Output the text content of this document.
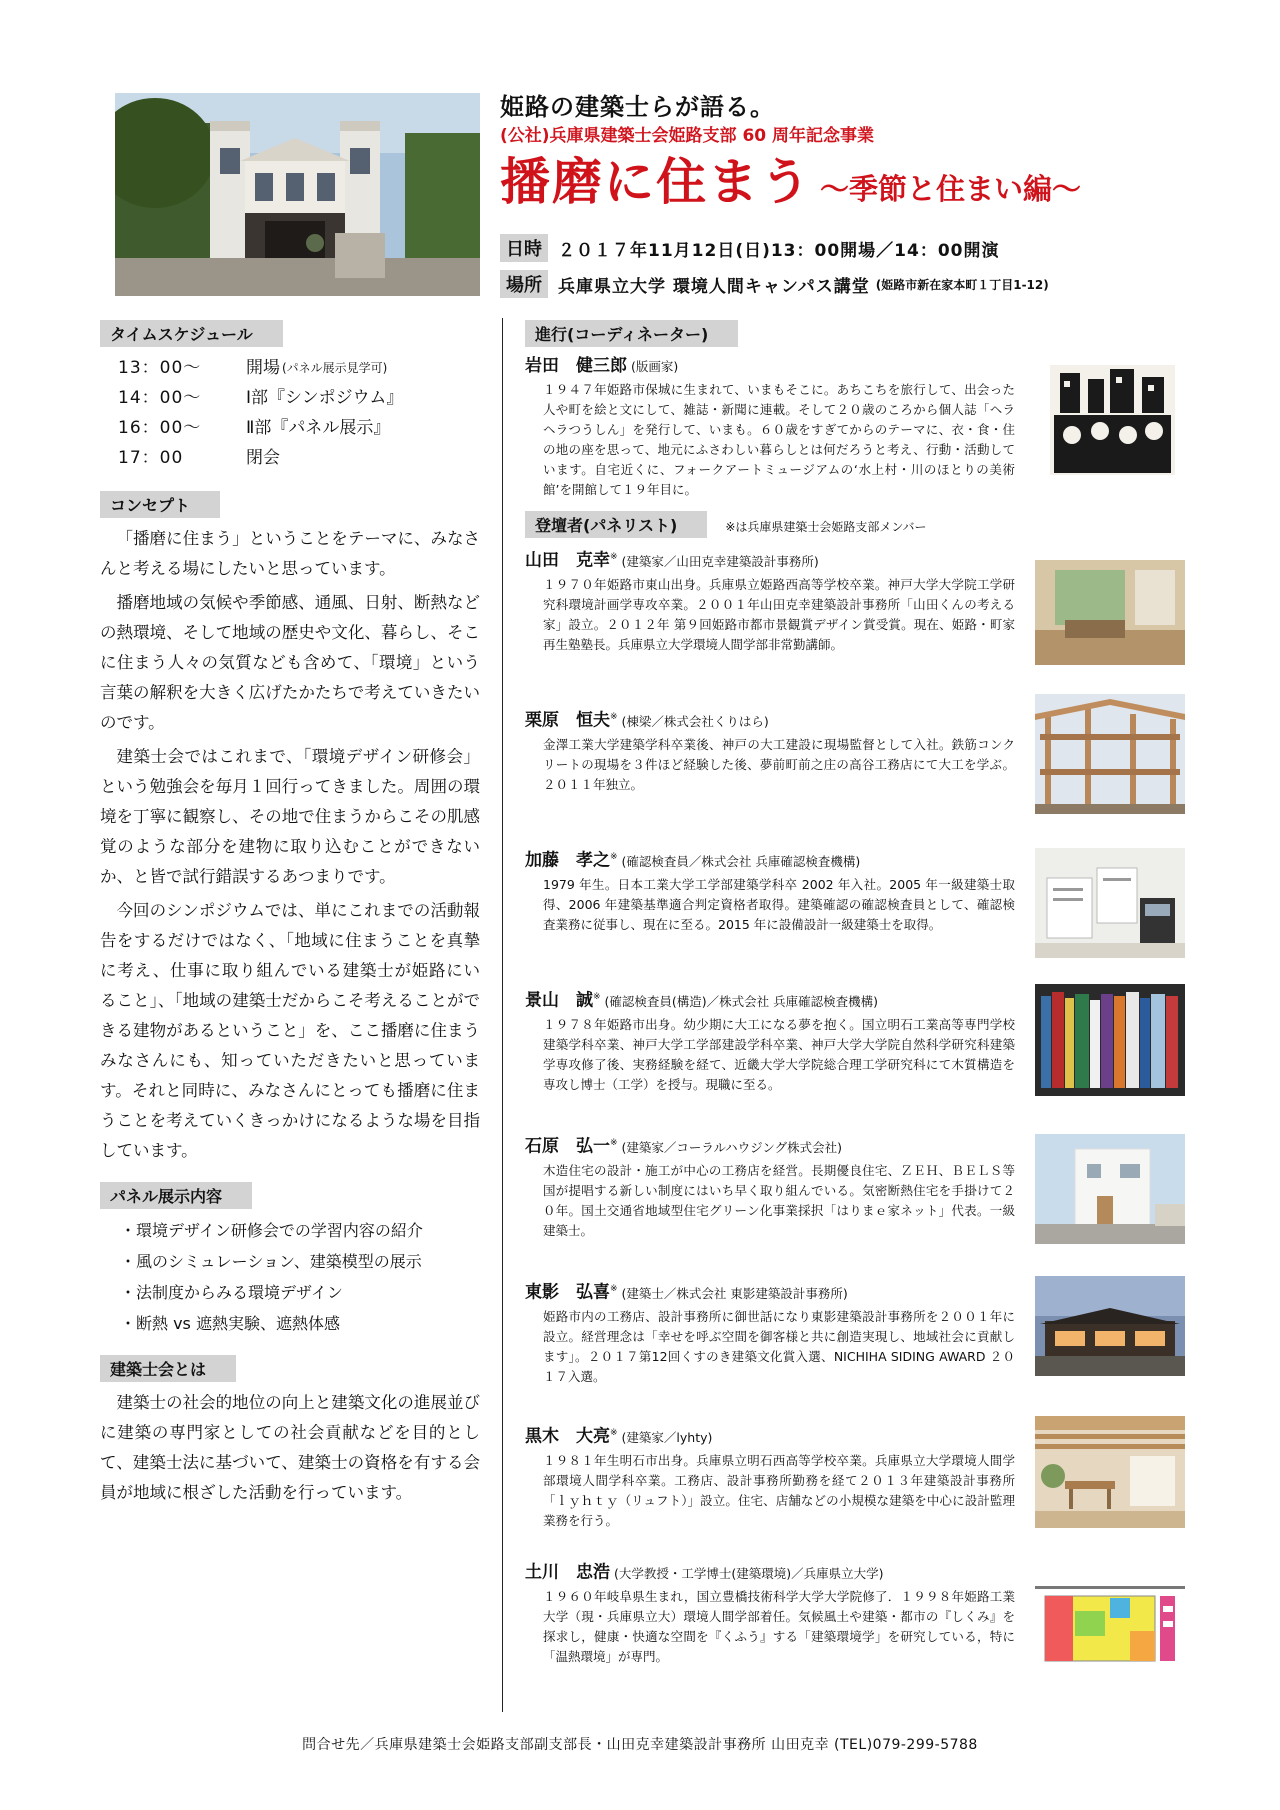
姫路の建築士らが語る。
(公社)兵庫県建築士会姫路支部 60 周年記念事業
播磨に住まう 〜季節と住まい編〜
日時 ２０１７年11月12日(日)13：00開場／14：00開演
場所 兵庫県立大学 環境人間キャンパス講堂 (姫路市新在家本町１丁目1-12)
タイムスケジュール
13：00〜	開場 (パネル展示見学可)
14：00〜	Ⅰ部『シンポジウム』
16：00〜	Ⅱ部『パネル展示』
17：00	閉会
コンセプト

「播磨に住まう」ということをテーマに、みなさんと考える場にしたいと思っています。

播磨地域の気候や季節感、通風、日射、断熱などの熱環境、そして地域の歴史や文化、暮らし、そこに住まう人々の気質なども含めて、「環境」という言葉の解釈を大きく広げたかたちで考えていきたいのです。

建築士会ではこれまで、「環境デザイン研修会」という勉強会を毎月１回行ってきました。周囲の環境を丁寧に観察し、その地で住まうからこその肌感覚のような部分を建物に取り込むことができないか、と皆で試行錯誤するあつまりです。

今回のシンポジウムでは、単にこれまでの活動報告をするだけではなく、「地域に住まうことを真摯に考え、仕事に取り組んでいる建築士が姫路にいること」、「地域の建築士だからこそ考えることができる建物があるということ」を、ここ播磨に住まうみなさんにも、知っていただきたいと思っています。それと同時に、みなさんにとっても播磨に住まうことを考えていくきっかけになるような場を目指しています。

パネル展示内容
・環境デザイン研修会での学習内容の紹介
・風のシミュレーション、建築模型の展示
・法制度からみる環境デザイン
・断熱 vs 遮熱実験、遮熱体感
建築士会とは

建築士の社会的地位の向上と建築文化の進展並びに建築の専門家としての社会貢献などを目的として、建築士法に基づいて、建築士の資格を有する会員が地域に根ざした活動を行っています。

進行(コーディネーター)
岩田　健三郎 (版画家)
１９４７年姫路市保城に生まれて、いまもそこに。あちこちを旅行して、出会った人や町を絵と文にして、雑誌・新聞に連載。そして２０歳のころから個人誌「ヘラヘラつうしん」を発行して、いまも。６０歳をすぎてからのテーマに、衣・食・住の地の座を思って、地元にふさわしい暮らしとは何だろうと考え、行動・活動しています。自宅近くに、フォークアートミュージアムの‘水上村・川のほとりの美術館’を開館して１９年目に。
登壇者(パネリスト)	※は兵庫県建築士会姫路支部メンバー
山田　克幸※ (建築家／山田克幸建築設計事務所)
１９７０年姫路市東山出身。兵庫県立姫路西高等学校卒業。神戸大学大学院工学研究科環境計画学専攻卒業。２００１年山田克幸建築設計事務所「山田くんの考える家」設立。２０１２年 第９回姫路市都市景観賞デザイン賞受賞。現在、姫路・町家再生塾塾長。兵庫県立大学環境人間学部非常勤講師。
栗原　恒夫※ (棟梁／株式会社くりはら)
金澤工業大学建築学科卒業後、神戸の大工建設に現場監督として入社。鉄筋コンクリートの現場を３件ほど経験した後、夢前町前之庄の高谷工務店にて大工を学ぶ。２０１１年独立。
加藤　孝之※ (確認検査員／株式会社 兵庫確認検査機構)
1979 年生。日本工業大学工学部建築学科卒 2002 年入社。2005 年一級建築士取得、2006 年建築基準適合判定資格者取得。建築確認の確認検査員として、確認検査業務に従事し、現在に至る。2015 年に設備設計一級建築士を取得。
景山　誠※ (確認検査員(構造)／株式会社 兵庫確認検査機構)
１９７８年姫路市出身。幼少期に大工になる夢を抱く。国立明石工業高等専門学校建築学科卒業、神戸大学工学部建設学科卒業、神戸大学大学院自然科学研究科建築学専攻修了後、実務経験を経て、近畿大学大学院総合理工学研究科にて木質構造を専攻し博士（工学）を授与。現職に至る。
石原　弘一※ (建築家／コーラルハウジング株式会社)
木造住宅の設計・施工が中心の工務店を経営。長期優良住宅、ＺＥＨ、ＢＥＬＳ等国が提唱する新しい制度にはいち早く取り組んでいる。気密断熱住宅を手掛けて２０年。国土交通省地域型住宅グリーン化事業採択「はりまｅ家ネット」代表。一級建築士。
東影　弘喜※ (建築士／株式会社 東影建築設計事務所)
姫路市内の工務店、設計事務所に御世話になり東影建築設計事務所を２００１年に設立。経営理念は「幸せを呼ぶ空間を御客様と共に創造実現し、地域社会に貢献します」。２０１７第12回くすのき建築文化賞入選、NICHIHA SIDING AWARD ２０１７入選。
黒木　大亮※ (建築家／lyhty)
１９８１年生明石市出身。兵庫県立明石西高等学校卒業。兵庫県立大学環境人間学部環境人間学科卒業。工務店、設計事務所勤務を経て２０１３年建築設計事務所「ｌｙｈｔｙ（リュフト）」設立。住宅、店舗などの小規模な建築を中心に設計監理業務を行う。
土川　忠浩 (大学教授・工学博士(建築環境)／兵庫県立大学)
１９６０年岐阜県生まれ，国立豊橋技術科学大学大学院修了．１９９８年姫路工業大学（現・兵庫県立大）環境人間学部着任。気候風土や建築・都市の『しくみ』を探求し，健康・快適な空間を『くふう』する「建築環境学」を研究している，特に「温熱環境」が専門。
問合せ先／兵庫県建築士会姫路支部副支部長・山田克幸建築設計事務所 山田克幸 (TEL)079-299-5788
